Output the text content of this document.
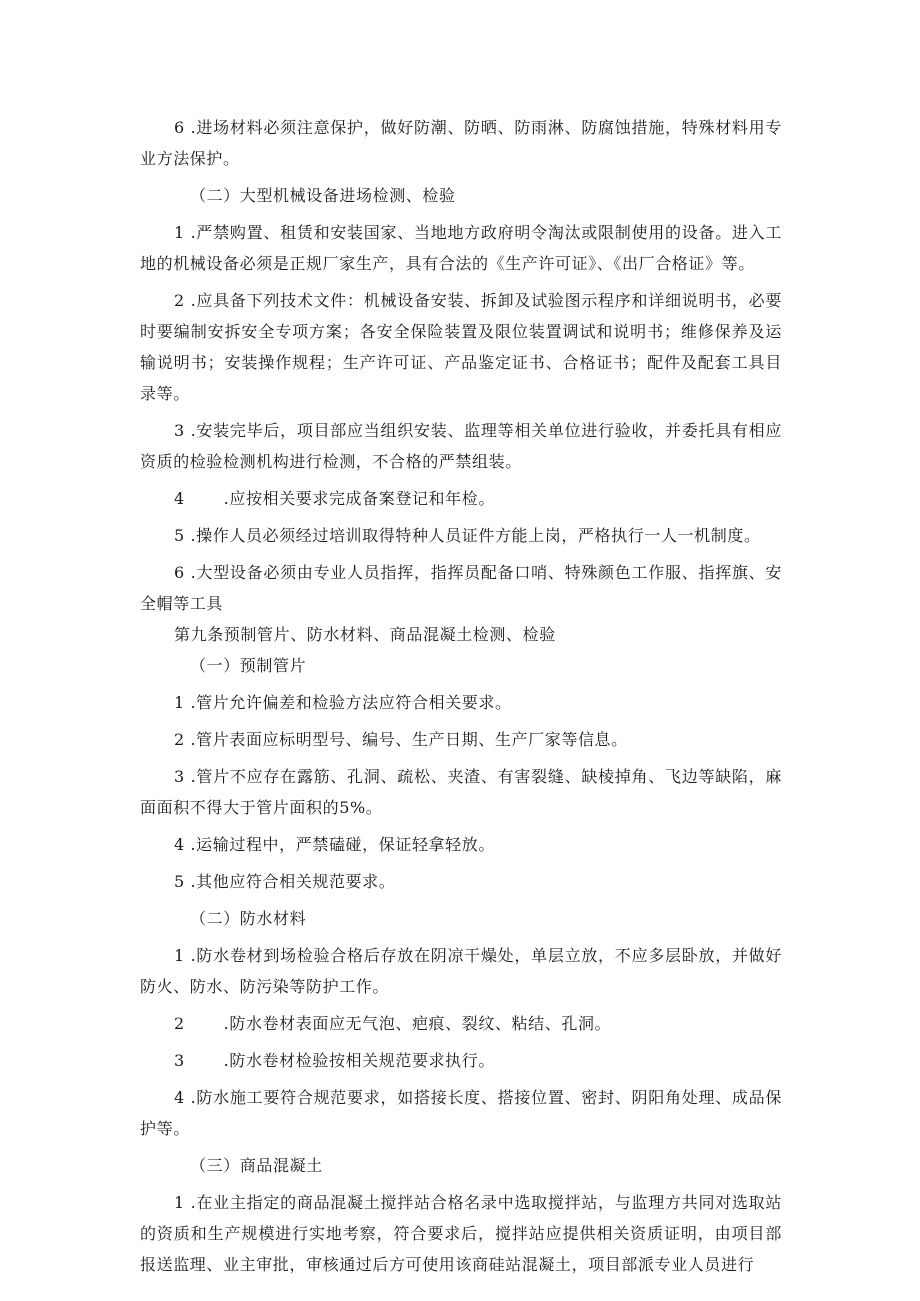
6 .进场材料必须注意保护，做好防潮、防晒、防雨淋、防腐蚀措施，特殊材料用专业方法保护。

（二）大型机械设备进场检测、检验

1 .严禁购置、租赁和安装国家、当地地方政府明令淘汰或限制使用的设备。进入工地的机械设备必须是正规厂家生产，具有合法的《生产许可证》、《出厂合格证》等。

2 .应具备下列技术文件：机械设备安装、拆卸及试验图示程序和详细说明书，必要时要编制安拆安全专项方案；各安全保险装置及限位装置调试和说明书；维修保养及运输说明书；安装操作规程；生产许可证、产品鉴定证书、合格证书；配件及配套工具目录等。

3 .安装完毕后，项目部应当组织安装、监理等相关单位进行验收，并委托具有相应资质的检验检测机构进行检测，不合格的严禁组装。

4 　　.应按相关要求完成备案登记和年检。

5 .操作人员必须经过培训取得特种人员证件方能上岗，严格执行一人一机制度。

6 .大型设备必须由专业人员指挥，指挥员配备口哨、特殊颜色工作服、指挥旗、安全帽等工具

第九条预制管片、防水材料、商品混凝土检测、检验

（一）预制管片

1 .管片允许偏差和检验方法应符合相关要求。

2 .管片表面应标明型号、编号、生产日期、生产厂家等信息。

3 .管片不应存在露筋、孔洞、疏松、夹渣、有害裂缝、缺棱掉角、飞边等缺陷，麻面面积不得大于管片面积的5%。

4 .运输过程中，严禁磕碰，保证轻拿轻放。

5 .其他应符合相关规范要求。

（二）防水材料

1 .防水卷材到场检验合格后存放在阴凉干燥处，单层立放，不应多层卧放，并做好防火、防水、防污染等防护工作。

2 　　.防水卷材表面应无气泡、疤痕、裂纹、粘结、孔洞。

3 　　.防水卷材检验按相关规范要求执行。

4 .防水施工要符合规范要求，如搭接长度、搭接位置、密封、阴阳角处理、成品保护等。

（三）商品混凝土

1 .在业主指定的商品混凝土搅拌站合格名录中选取搅拌站，与监理方共同对选取站的资质和生产规模进行实地考察，符合要求后，搅拌站应提供相关资质证明，由项目部报送监理、业主审批，审核通过后方可使用该商硅站混凝土，项目部派专业人员进行
